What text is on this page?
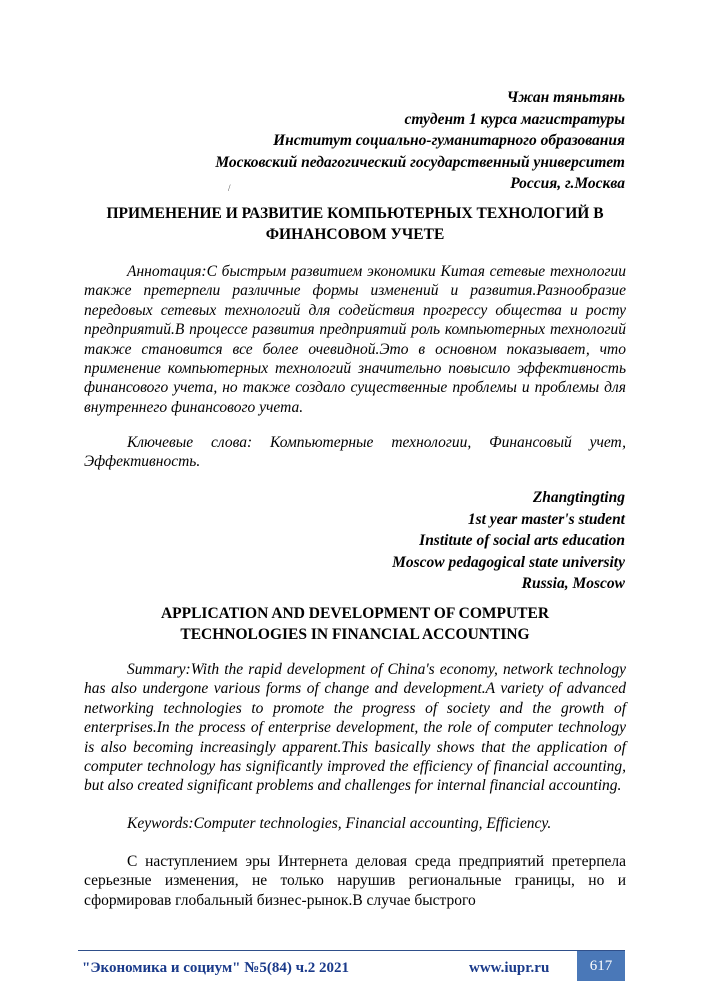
Чжан тяньтянь
студент 1 курса магистратуры
Институт социально-гуманитарного образования
Московский педагогический государственный университет
Россия, г.Москва
/
ПРИМЕНЕНИЕ И РАЗВИТИЕ КОМПЬЮТЕРНЫХ ТЕХНОЛОГИЙ В
ФИНАНСОВОМ УЧЕТЕ
Аннотация:С быстрым развитием экономики Китая сетевые технологии также претерпели различные формы изменений и развития.Разнообразие передовых сетевых технологий для содействия прогрессу общества и росту предприятий.В процессе развития предприятий роль компьютерных технологий также становится все более очевидной.Это в основном показывает, что применение компьютерных технологий значительно повысило эффективность финансового учета, но также создало существенные проблемы и проблемы для внутреннего финансового учета.
Ключевые слова: Компьютерные технологии, Финансовый учет, Эффективность.
Zhangtingting
1st year master's student
Institute of social arts education
Moscow pedagogical state university
Russia, Moscow
APPLICATION AND DEVELOPMENT OF COMPUTER
TECHNOLOGIES IN FINANCIAL ACCOUNTING
Summary:With the rapid development of China's economy, network technology has also undergone various forms of change and development.A variety of advanced networking technologies to promote the progress of society and the growth of enterprises.In the process of enterprise development, the role of computer technology is also becoming increasingly apparent.This basically shows that the application of computer technology has significantly improved the efficiency of financial accounting, but also created significant problems and challenges for internal financial accounting.
Keywords:Computer technologies, Financial accounting, Efficiency.
С наступлением эры Интернета деловая среда предприятий претерпела серьезные изменения, не только нарушив региональные границы, но и сформировав глобальный бизнес-рынок.В случае быстрого
"Экономика и социум" №5(84) ч.2 2021	www.iupr.ru	617
